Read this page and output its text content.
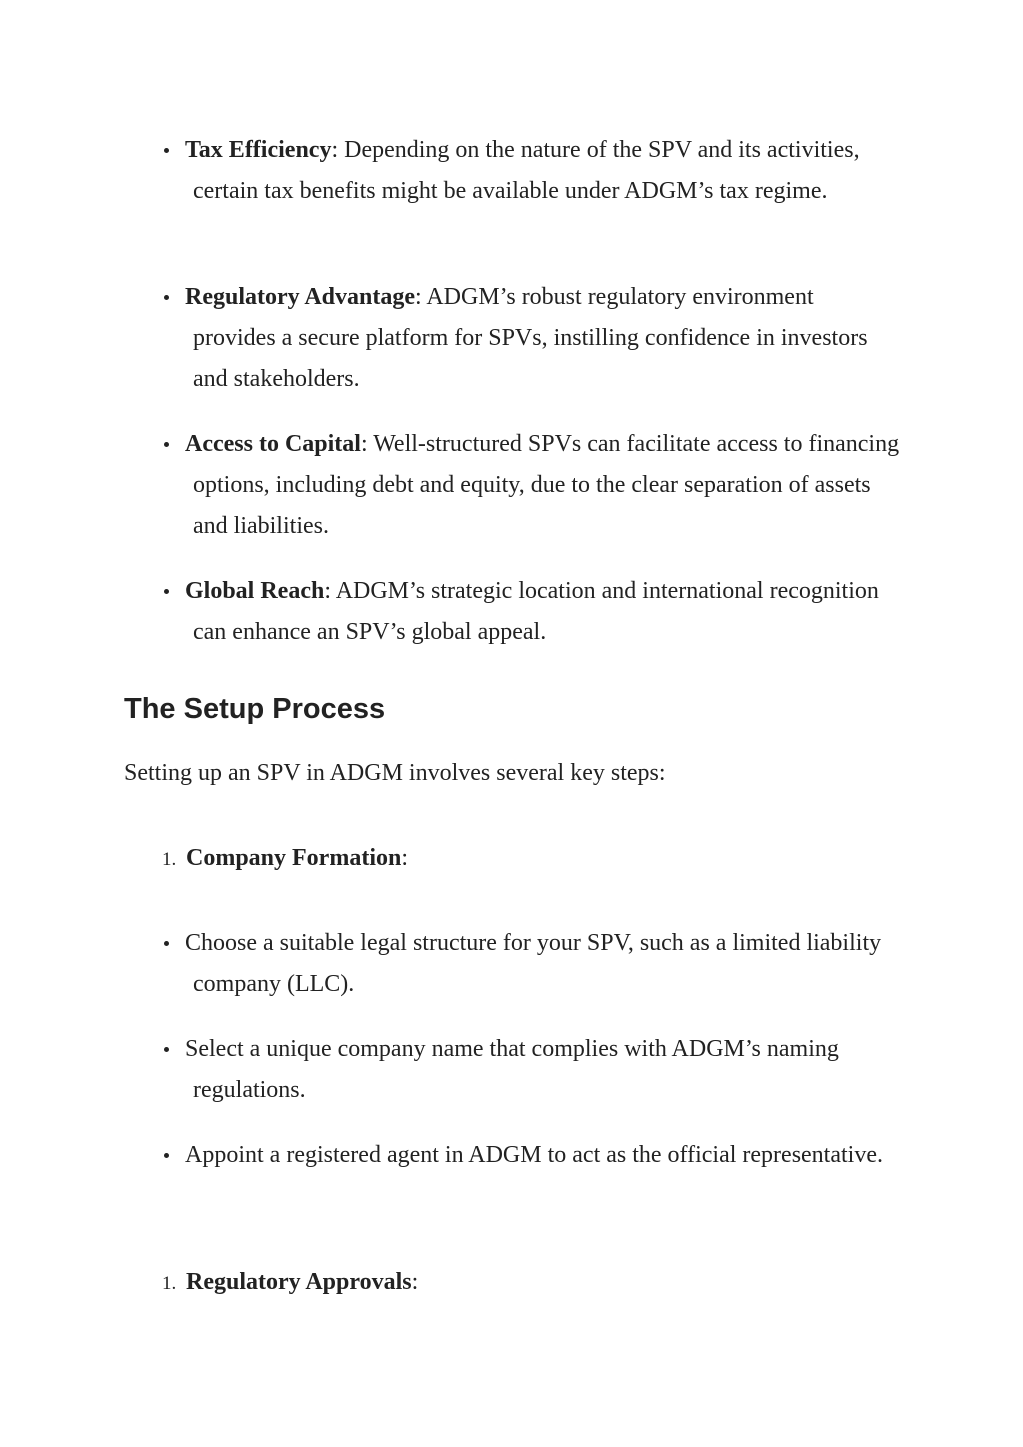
Tax Efficiency: Depending on the nature of the SPV and its activities, certain tax benefits might be available under ADGM’s tax regime.
Regulatory Advantage: ADGM’s robust regulatory environment provides a secure platform for SPVs, instilling confidence in investors and stakeholders.
Access to Capital: Well-structured SPVs can facilitate access to financing options, including debt and equity, due to the clear separation of assets and liabilities.
Global Reach: ADGM’s strategic location and international recognition can enhance an SPV’s global appeal.
The Setup Process

Setting up an SPV in ADGM involves several key steps:

1. Company Formation:
Choose a suitable legal structure for your SPV, such as a limited liability company (LLC).
Select a unique company name that complies with ADGM’s naming regulations.
Appoint a registered agent in ADGM to act as the official representative.
1. Regulatory Approvals:
